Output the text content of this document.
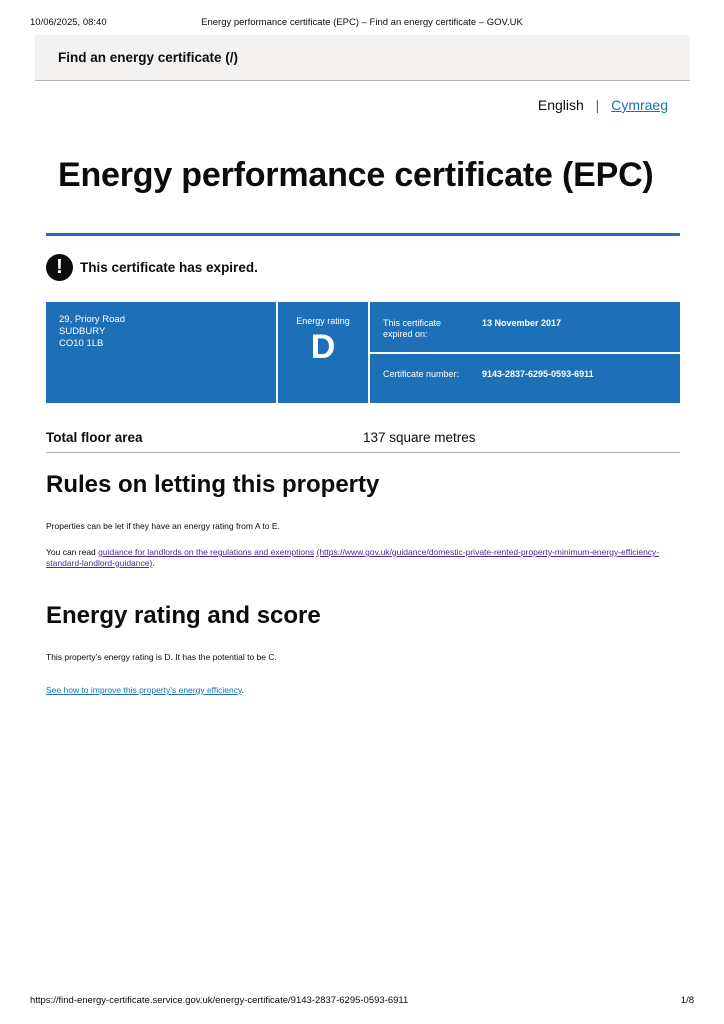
10/06/2025, 08:40	Energy performance certificate (EPC) – Find an energy certificate – GOV.UK
Find an energy certificate (/)
English | Cymraeg
Energy performance certificate (EPC)
!	This certificate has expired.
29, Priory Road
SUDBURY
CO10 1LB
Energy rating
D
This certificate expired on:
13 November 2017
Certificate number:	9143-2837-6295-0593-6911
Total floor area	137 square metres
Rules on letting this property

Properties can be let if they have an energy rating from A to E.

You can read guidance for landlords on the regulations and exemptions (https://www.gov.uk/guidance/domestic-private-rented-property-minimum-energy-efficiency-standard-landlord-guidance).

Energy rating and score

This property’s energy rating is D. It has the potential to be C.

See how to improve this property’s energy efficiency.

https://find-energy-certificate.service.gov.uk/energy-certificate/9143-2837-6295-0593-6911	1/8
